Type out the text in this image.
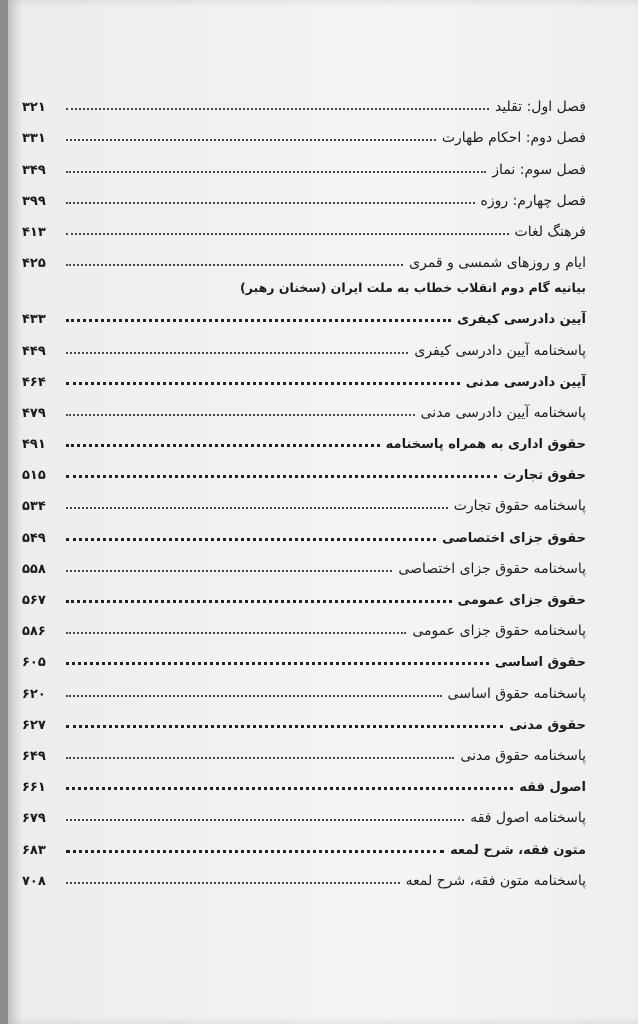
فصل اول: تقلید
۳۲۱
فصل دوم: احکام طهارت
۳۳۱
فصل سوم: نماز
۳۴۹
فصل چهارم: روزه
۳۹۹
فرهنگ لغات
۴۱۳
ایام و روزهای شمسی و قمری
۴۲۵
بیانیه گام دوم انقلاب خطاب به ملت ایران (سخنان رهبر)
آیین دادرسی کیفری
۴۳۳
پاسخنامه آیین دادرسی کیفری
۴۴۹
آیین دادرسی مدنی
۴۶۴
پاسخنامه آیین دادرسی مدنی
۴۷۹
حقوق اداری به همراه پاسخنامه
۴۹۱
حقوق تجارت
۵۱۵
پاسخنامه حقوق تجارت
۵۳۴
حقوق جزای اختصاصی
۵۴۹
پاسخنامه حقوق جزای اختصاصی
۵۵۸
حقوق جزای عمومی
۵۶۷
پاسخنامه حقوق جزای عمومی
۵۸۶
حقوق اساسی
۶۰۵
پاسخنامه حقوق اساسی
۶۲۰
حقوق مدنی
۶۲۷
پاسخنامه حقوق مدنی
۶۴۹
اصول فقه
۶۶۱
پاسخنامه اصول فقه
۶۷۹
متون فقه، شرح لمعه
۶۸۳
پاسخنامه متون فقه، شرح لمعه
۷۰۸
